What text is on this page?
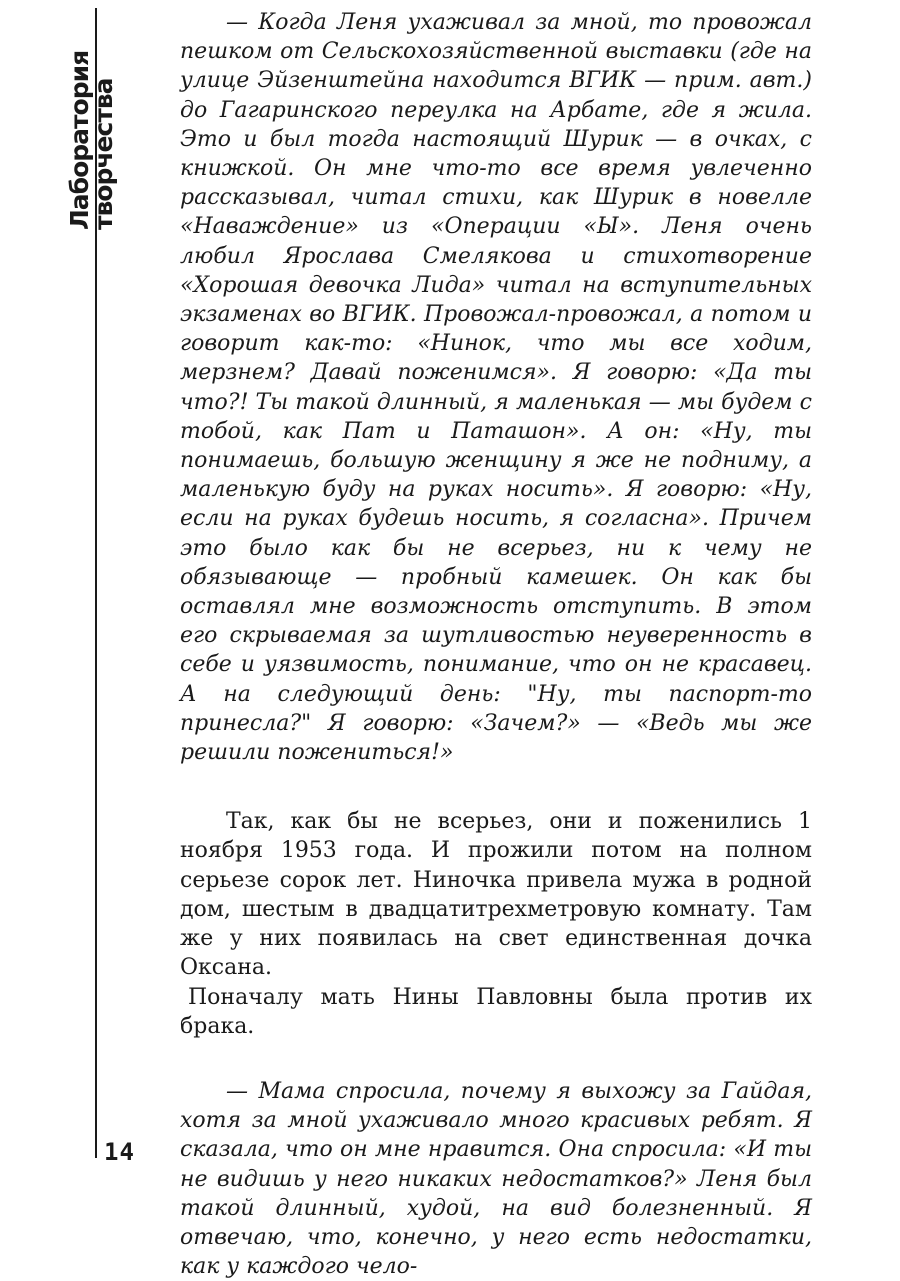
Лаборатория
творчества

— Когда Леня ухаживал за мной, то провожал пешком от Сельскохозяйственной выставки (где на улице Эйзенштейна находится ВГИК — прим. авт.) до Гагаринского переулка на Арбате, где я жила. Это и был тогда настоящий Шурик — в очках, с книжкой. Он мне что-то все время увлеченно рассказывал, читал стихи, как Шурик в новелле «Наваждение» из «Операции «Ы». Леня очень любил Ярослава Смелякова и стихотворение «Хорошая девочка Лида» читал на вступительных экзаменах во ВГИК. Провожал-провожал, а потом и говорит как-то: «Нинок, что мы все ходим, мерзнем? Давай поженимся». Я говорю: «Да ты что?! Ты такой длинный, я маленькая — мы будем с тобой, как Пат и Паташон». А он: «Ну, ты понимаешь, большую женщину я же не подниму, а маленькую буду на руках носить». Я говорю: «Ну, если на руках будешь носить, я согласна». Причем это было как бы не всерьез, ни к чему не обязывающе — пробный камешек. Он как бы оставлял мне возможность отступить. В этом его скрываемая за шутливостью неуверенность в себе и уязвимость, понимание, что он не красавец. А на следующий день: "Ну, ты паспорт-то принесла?" Я говорю: «Зачем?» — «Ведь мы же решили пожениться!»

Так, как бы не всерьез, они и поженились 1 ноября 1953 года. И прожили потом на полном серьезе сорок лет. Ниночка привела мужа в родной дом, шестым в двадцатитрехметровую комнату. Там же у них появилась на свет единственная дочка Оксана.

Поначалу мать Нины Павловны была против их брака.

— Мама спросила, почему я выхожу за Гайдая, хотя за мной ухаживало много красивых ребят. Я сказала, что он мне нравится. Она спросила: «И ты не видишь у него никаких недостатков?» Леня был такой длинный, худой, на вид болезненный. Я отвечаю, что, конечно, у него есть недостатки, как у каждого чело-

14
